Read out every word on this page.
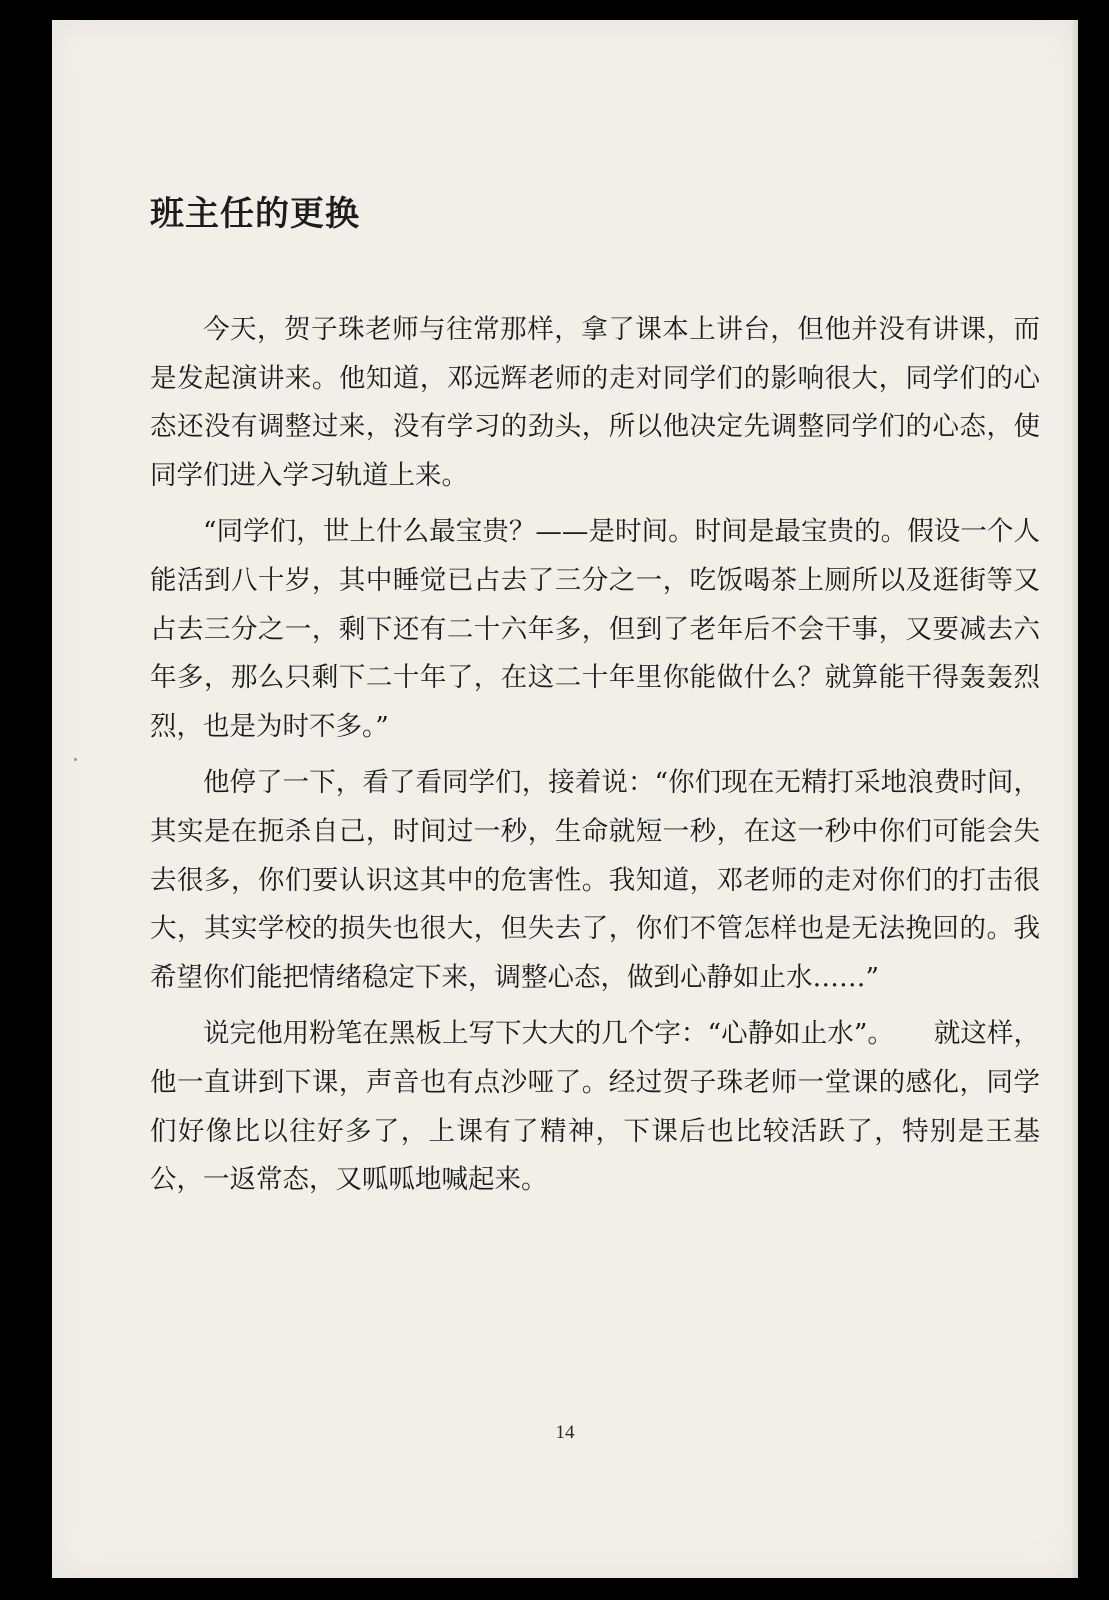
班主任的更换

今天，贺子珠老师与往常那样，拿了课本上讲台，但他并没有讲课，而是发起演讲来。他知道，邓远辉老师的走对同学们的影响很大，同学们的心态还没有调整过来，没有学习的劲头，所以他决定先调整同学们的心态，使同学们进入学习轨道上来。

“同学们，世上什么最宝贵？——是时间。时间是最宝贵的。假设一个人能活到八十岁，其中睡觉已占去了三分之一，吃饭喝茶上厕所以及逛街等又占去三分之一，剩下还有二十六年多，但到了老年后不会干事，又要减去六年多，那么只剩下二十年了，在这二十年里你能做什么？就算能干得轰轰烈烈，也是为时不多。”

他停了一下，看了看同学们，接着说：“你们现在无精打采地浪费时间，其实是在扼杀自己，时间过一秒，生命就短一秒，在这一秒中你们可能会失去很多，你们要认识这其中的危害性。我知道，邓老师的走对你们的打击很大，其实学校的损失也很大，但失去了，你们不管怎样也是无法挽回的。我希望你们能把情绪稳定下来，调整心态，做到心静如止水……”

说完他用粉笔在黑板上写下大大的几个字：“心静如止水”。　　就这样，他一直讲到下课，声音也有点沙哑了。经过贺子珠老师一堂课的感化，同学们好像比以往好多了，上课有了精神，下课后也比较活跃了，特别是王基公，一返常态，又呱呱地喊起来。

14
